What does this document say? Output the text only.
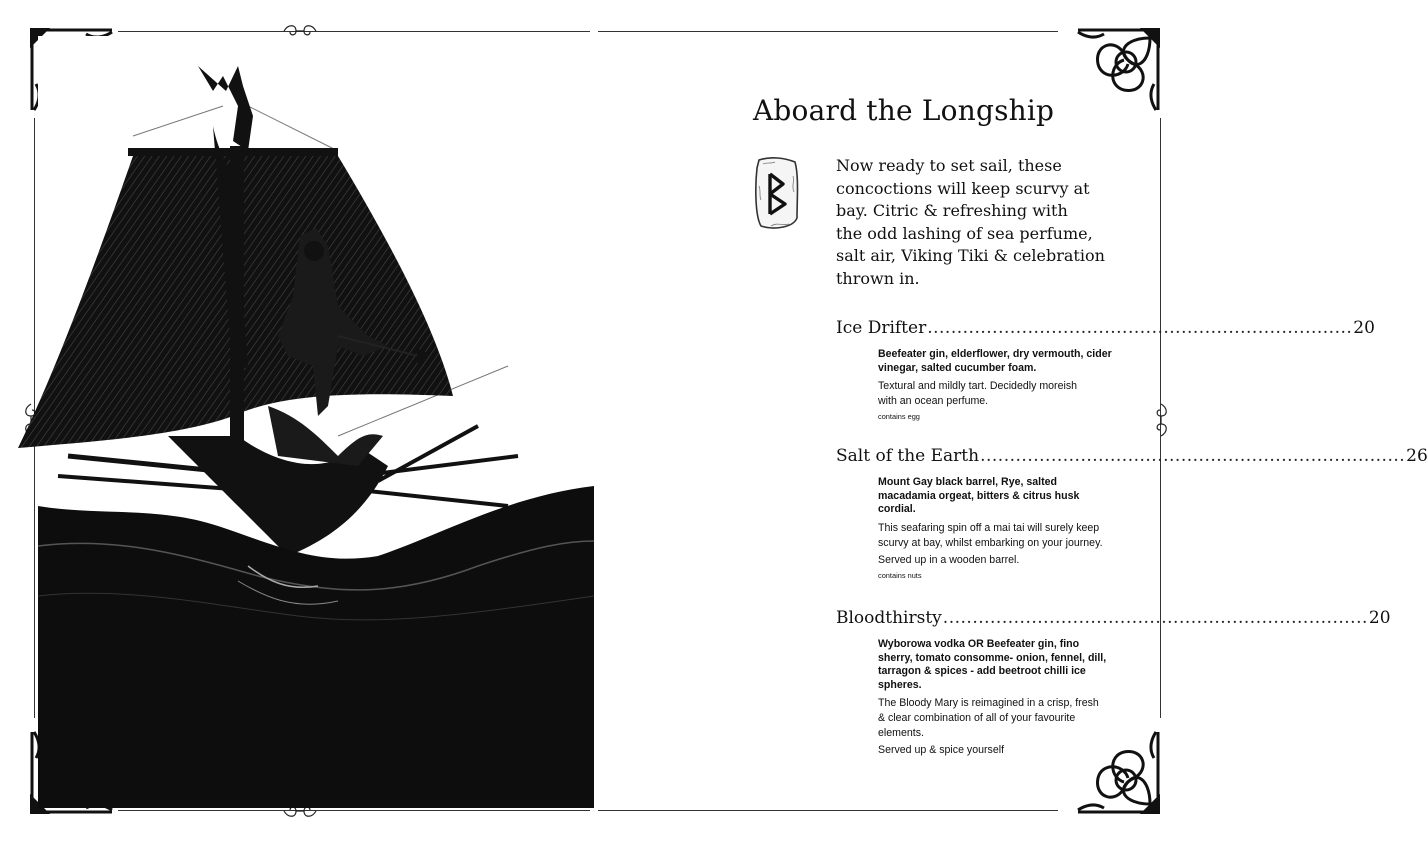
Aboard the Longship

Now ready to set sail, these

concoctions will keep scurvy at

bay. Citric & refreshing with

the odd lashing of sea perfume,

salt air, Viking Tiki & celebration

thrown in.

Ice Drifter ........................................................................ 20

Beefeater gin, elderflower, dry vermouth, cider
vinegar, salted cucumber foam.

Textural and mildly tart. Decidedly moreish
with an ocean perfume.

contains egg
Salt of the Earth ........................................................................ 26

Mount Gay black barrel, Rye, salted
macadamia orgeat, bitters & citrus husk
cordial.

This seafaring spin off a mai tai will surely keep
scurvy at bay, whilst embarking on your journey.

Served up in a wooden barrel.

contains nuts
Bloodthirsty ........................................................................ 20

Wyborowa vodka OR Beefeater gin, fino
sherry, tomato consomme- onion, fennel, dill,
tarragon & spices - add beetroot chilli ice
spheres.

The Bloody Mary is reimagined in a crisp, fresh
& clear combination of all of your favourite
elements.

Served up & spice yourself
